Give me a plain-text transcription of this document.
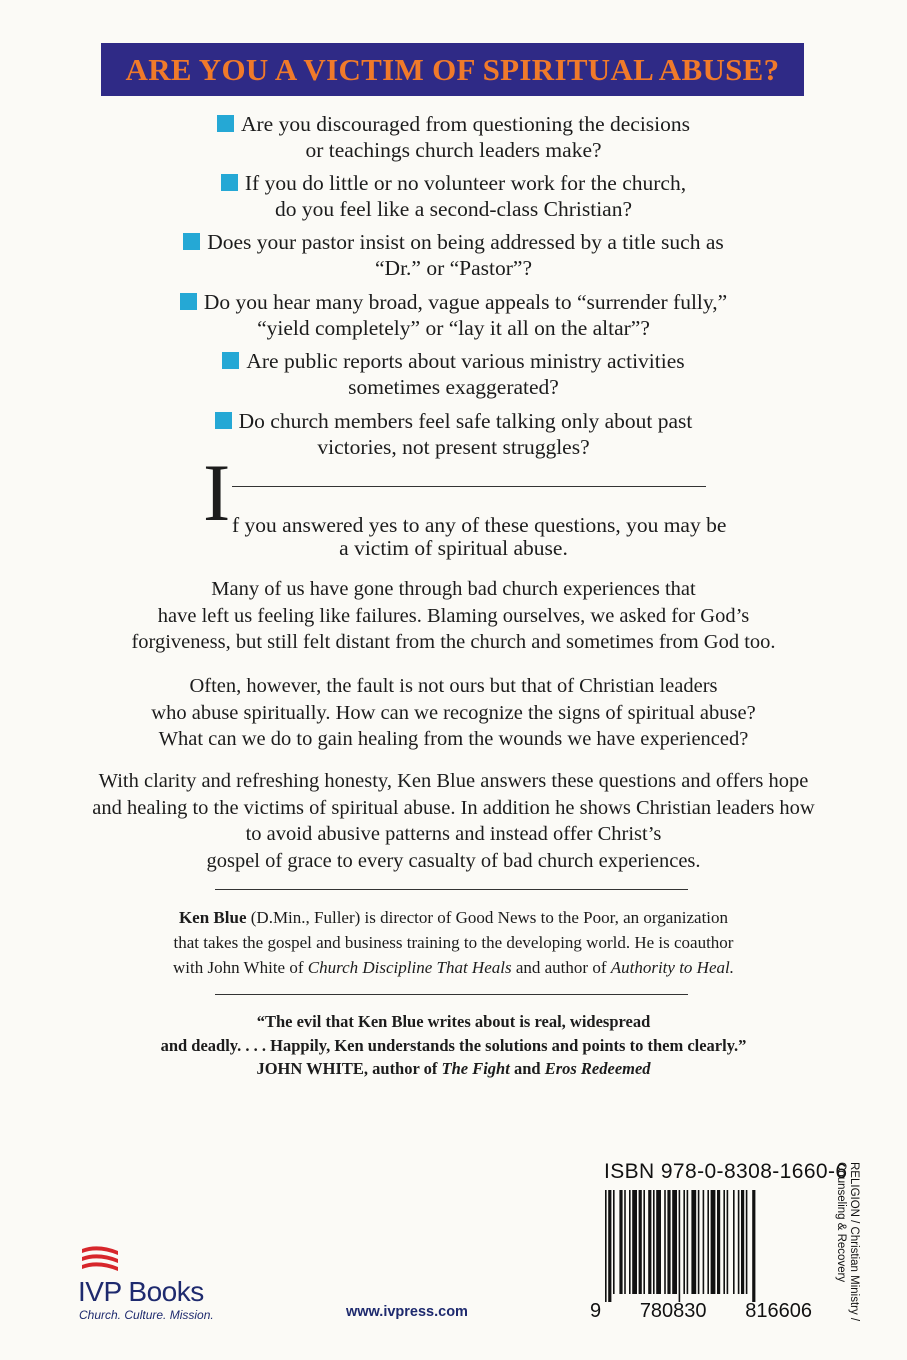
ARE YOU A VICTIM OF SPIRITUAL ABUSE?
Are you discouraged from questioning the decisions
or teachings church leaders make?
If you do little or no volunteer work for the church,
do you feel like a second-class Christian?
Does your pastor insist on being addressed by a title such as
“Dr.” or “Pastor”?
Do you hear many broad, vague appeals to “surrender fully,”
“yield completely” or “lay it all on the altar”?
Are public reports about various ministry activities
sometimes exaggerated?
Do church members feel safe talking only about past
victories, not present struggles?
I f you answered yes to any of these questions, you may be
a victim of spiritual abuse.
Many of us have gone through bad church experiences that
have left us feeling like failures. Blaming ourselves, we asked for God’s
forgiveness, but still felt distant from the church and sometimes from God too.
Often, however, the fault is not ours but that of Christian leaders
who abuse spiritually. How can we recognize the signs of spiritual abuse?
What can we do to gain healing from the wounds we have experienced?
With clarity and refreshing honesty, Ken Blue answers these questions and offers hope
and healing to the victims of spiritual abuse. In addition he shows Christian leaders how
to avoid abusive patterns and instead offer Christ’s
gospel of grace to every casualty of bad church experiences.
Ken Blue (D.Min., Fuller) is director of Good News to the Poor, an organization
that takes the gospel and business training to the developing world. He is coauthor
with John White of Church Discipline That Heals and author of Authority to Heal.
“The evil that Ken Blue writes about is real, widespread
and deadly. . . . Happily, Ken understands the solutions and points to them clearly.”
JOHN WHITE, author of The Fight and Eros Redeemed
ISBN 978-0-8308-1660-6
9 780830 816606	RELIGION / Christian Ministry /
Counseling & Recovery
IVP Books
Church. Culture. Mission.	www.ivpress.com
